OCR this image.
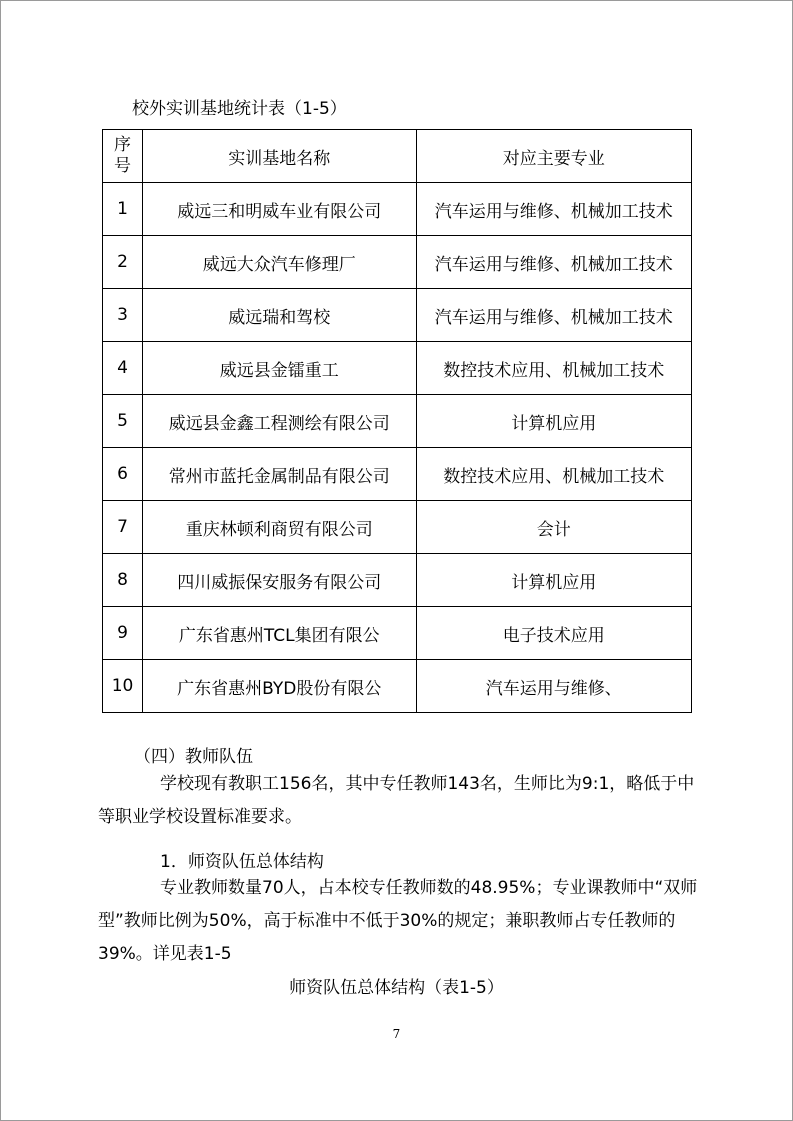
校外实训基地统计表（1-5）
序
号	实训基地名称	对应主要专业
1	威远三和明威车业有限公司	汽车运用与维修、机械加工技术
2	威远大众汽车修理厂	汽车运用与维修、机械加工技术
3	威远瑞和驾校	汽车运用与维修、机械加工技术
4	威远县金镭重工	数控技术应用、机械加工技术
5	威远县金鑫工程测绘有限公司	计算机应用
6	常州市蓝托金属制品有限公司	数控技术应用、机械加工技术
7	重庆林顿利商贸有限公司	会计
8	四川威振保安服务有限公司	计算机应用
9	广东省惠州TCL集团有限公	电子技术应用
10	广东省惠州BYD股份有限公	汽车运用与维修、
（四）教师队伍
学校现有教职工156名，其中专任教师143名，生师比为9:1，略低于中等职业学校设置标准要求。
1．师资队伍总体结构
专业教师数量70人，占本校专任教师数的48.95%；专业课教师中“双师型”教师比例为50%，高于标准中不低于30%的规定；兼职教师占专任教师的39%。详见表1-5
师资队伍总体结构（表1-5）
7
